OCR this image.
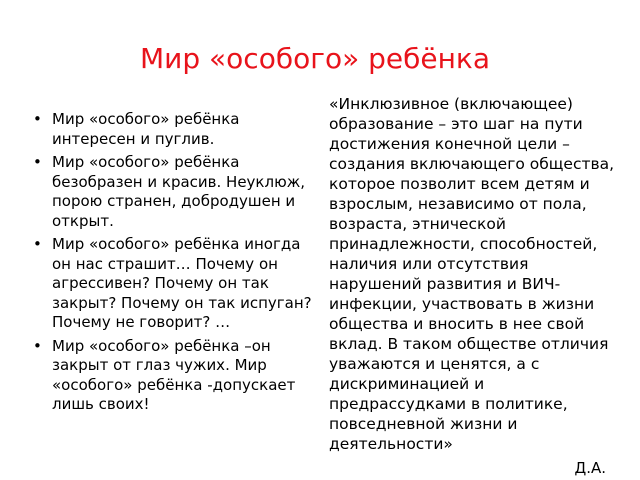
Мир «особого» ребёнка
• Мир «особого» ребёнка интересен и пуглив.
• Мир «особого» ребёнка безобразен и красив. Неуклюж, порою странен, добродушен и открыт.
• Мир «особого» ребёнка иногда он нас страшит… Почему он агрессивен? Почему он так закрыт? Почему он так испуган? Почему не говорит? …
• Мир «особого» ребёнка –он закрыт от глаз чужих. Мир «особого» ребёнка -допускает лишь своих!

«Инклюзивное (включающее) образование – это шаг на пути достижения конечной цели – создания включающего общества, которое позволит всем детям и взрослым, независимо от пола, возраста, этнической принадлежности, способностей, наличия или отсутствия нарушений развития и ВИЧ-инфекции, участвовать в жизни общества и вносить в нее свой вклад. В таком обществе отличия уважаются и ценятся, а с дискриминацией и предрассудками в политике, повседневной жизни и деятельности»

Д.А.
